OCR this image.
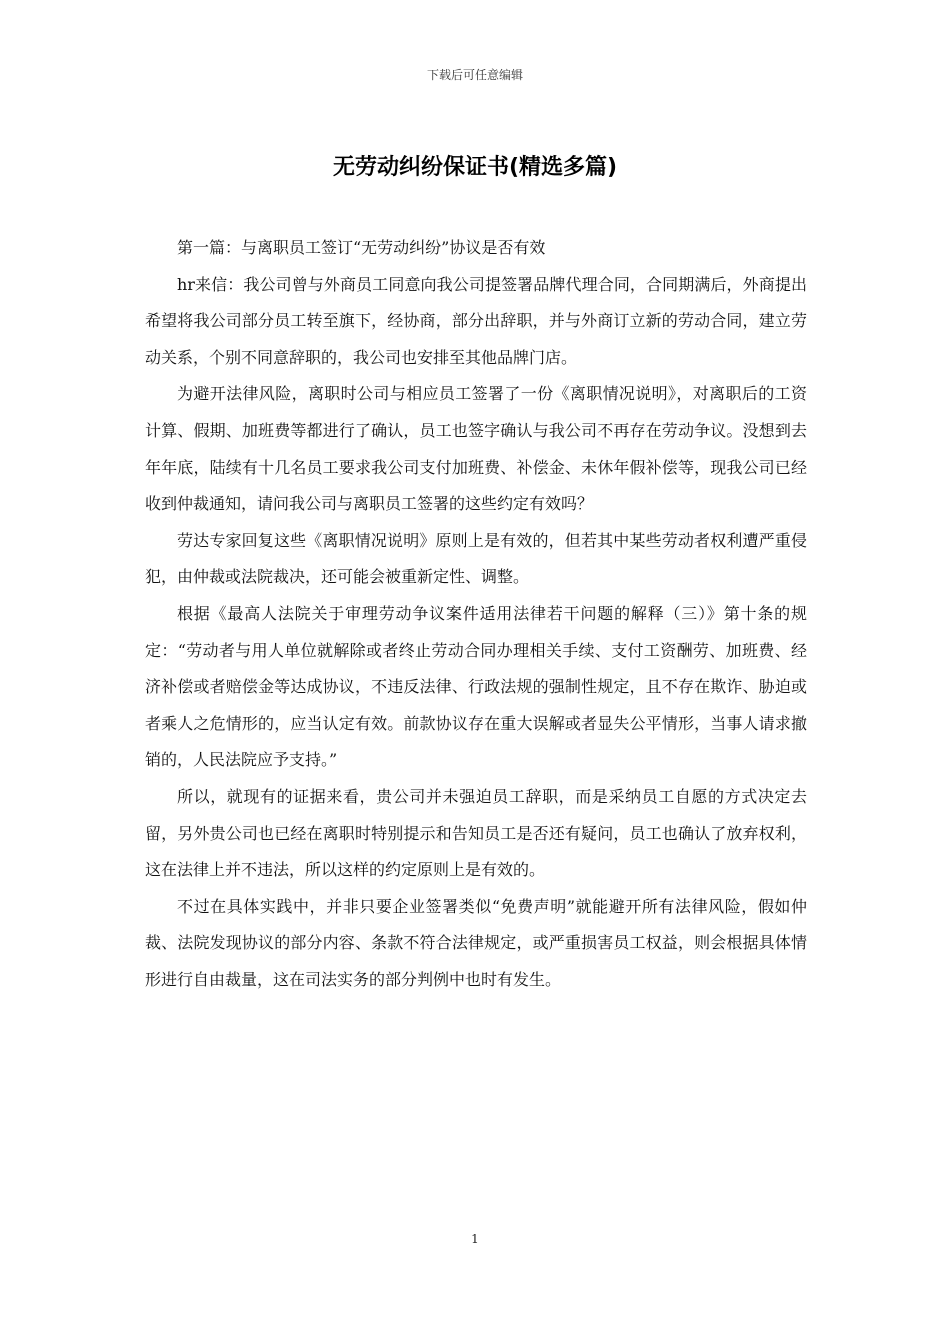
下载后可任意编辑
无劳动纠纷保证书(精选多篇)

第一篇：与离职员工签订“无劳动纠纷”协议是否有效

hr来信：我公司曾与外商员工同意向我公司提签署品牌代理合同，合同期满后，外商提出希望将我公司部分员工转至旗下，经协商，部分出辞职，并与外商订立新的劳动合同，建立劳动关系，个别不同意辞职的，我公司也安排至其他品牌门店。

为避开法律风险，离职时公司与相应员工签署了一份《离职情况说明》，对离职后的工资计算、假期、加班费等都进行了确认，员工也签字确认与我公司不再存在劳动争议。没想到去年年底，陆续有十几名员工要求我公司支付加班费、补偿金、未休年假补偿等，现我公司已经收到仲裁通知，请问我公司与离职员工签署的这些约定有效吗？

劳达专家回复这些《离职情况说明》原则上是有效的，但若其中某些劳动者权利遭严重侵犯，由仲裁或法院裁决，还可能会被重新定性、调整。

根据《最高人法院关于审理劳动争议案件适用法律若干问题的解释（三）》第十条的规定：“劳动者与用人单位就解除或者终止劳动合同办理相关手续、支付工资酬劳、加班费、经济补偿或者赔偿金等达成协议，不违反法律、行政法规的强制性规定，且不存在欺诈、胁迫或者乘人之危情形的，应当认定有效。前款协议存在重大误解或者显失公平情形，当事人请求撤销的，人民法院应予支持。”

所以，就现有的证据来看，贵公司并未强迫员工辞职，而是采纳员工自愿的方式决定去留，另外贵公司也已经在离职时特别提示和告知员工是否还有疑问，员工也确认了放弃权利，这在法律上并不违法，所以这样的约定原则上是有效的。

不过在具体实践中，并非只要企业签署类似“免费声明”就能避开所有法律风险，假如仲裁、法院发现协议的部分内容、条款不符合法律规定，或严重损害员工权益，则会根据具体情形进行自由裁量，这在司法实务的部分判例中也时有发生。

1
